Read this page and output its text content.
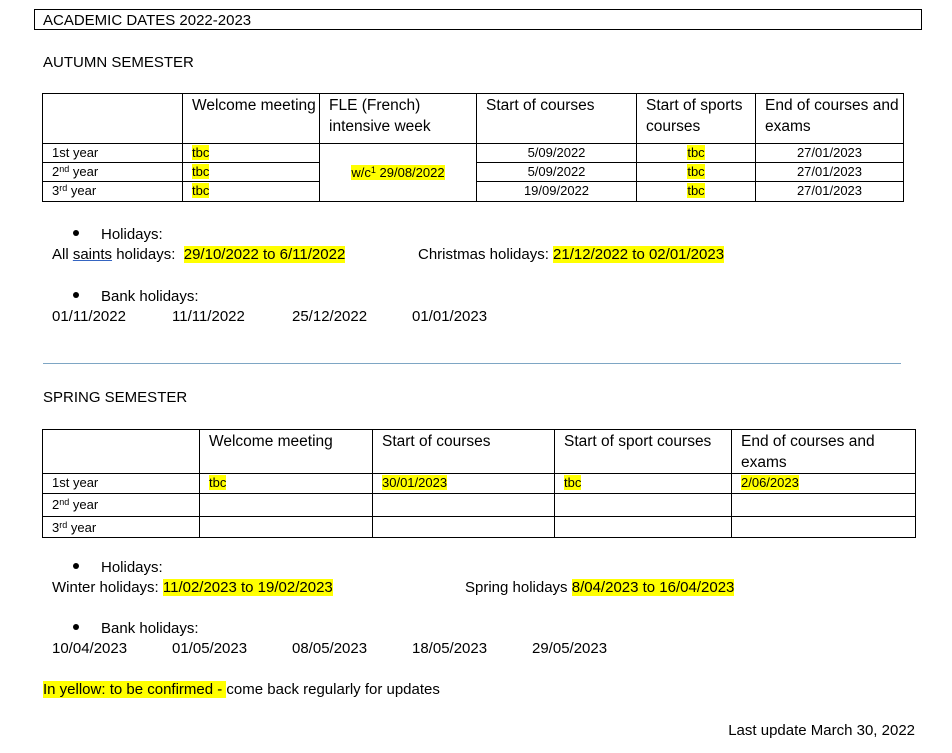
ACADEMIC DATES 2022-2023
AUTUMN SEMESTER
	Welcome meeting	FLE (French) intensive week	Start of courses	Start of sports courses	End of courses and exams
1st year	tbc	$w/c^1$ 29/08/2022	5/09/2022	tbc	27/01/2023
2nd year	tbc		5/09/2022	tbc	27/01/2023
3rd year	tbc		19/09/2022	tbc	27/01/2023
Holidays:
All saints holidays:  29/10/2022 to 6/11/2022	Christmas holidays: 21/12/2022 to 02/01/2023
Bank holidays:
01/11/2022	11/11/2022	25/12/2022	01/01/2023
SPRING SEMESTER
	Welcome meeting	Start of courses	Start of sport courses	End of courses and exams
1st year	tbc	30/01/2023	tbc	2/06/2023
2nd year				
3rd year				
Holidays:
Winter holidays: 11/02/2023 to 19/02/2023	Spring holidays 8/04/2023 to 16/04/2023
Bank holidays:
10/04/2023	01/05/2023	08/05/2023	18/05/2023	29/05/2023
In yellow: to be confirmed - come back regularly for updates
Last update March 30, 2022
